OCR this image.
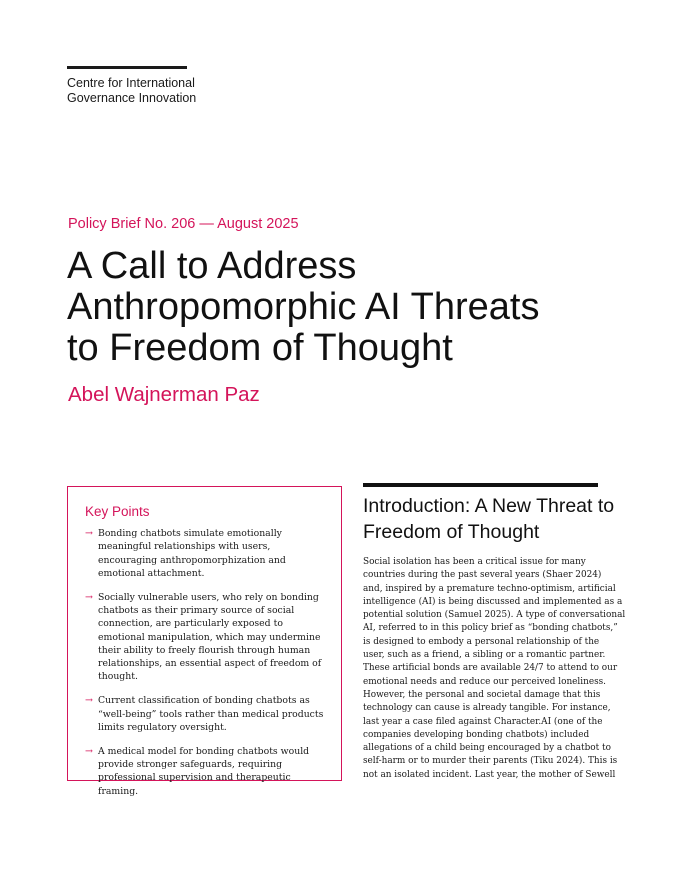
Centre for International
Governance Innovation
Policy Brief No. 206 — August 2025
A Call to Address
Anthropomorphic AI Threats
to Freedom of Thought
Abel Wajnerman Paz
Key Points
→ Bonding chatbots simulate emotionally meaningful relationships with users, encouraging anthropomorphization and emotional attachment.
→ Socially vulnerable users, who rely on bonding chatbots as their primary source of social connection, are particularly exposed to emotional manipulation, which may undermine their ability to freely flourish through human relationships, an essential aspect of freedom of thought.
→ Current classification of bonding chatbots as “well-being” tools rather than medical products limits regulatory oversight.
→ A medical model for bonding chatbots would provide stronger safeguards, requiring professional supervision and therapeutic framing.
Introduction: A New Threat to Freedom of Thought

Social isolation has been a critical issue for many
countries during the past several years (Shaer 2024)
and, inspired by a premature techno-optimism, artificial
intelligence (AI) is being discussed and implemented as a
potential solution (Samuel 2025). A type of conversational
AI, referred to in this policy brief as “bonding chatbots,”
is designed to embody a personal relationship of the
user, such as a friend, a sibling or a romantic partner.
These artificial bonds are available 24/7 to attend to our
emotional needs and reduce our perceived loneliness.
However, the personal and societal damage that this
technology can cause is already tangible. For instance,
last year a case filed against Character.AI (one of the
companies developing bonding chatbots) included
allegations of a child being encouraged by a chatbot to
self-harm or to murder their parents (Tiku 2024). This is
not an isolated incident. Last year, the mother of Sewell
